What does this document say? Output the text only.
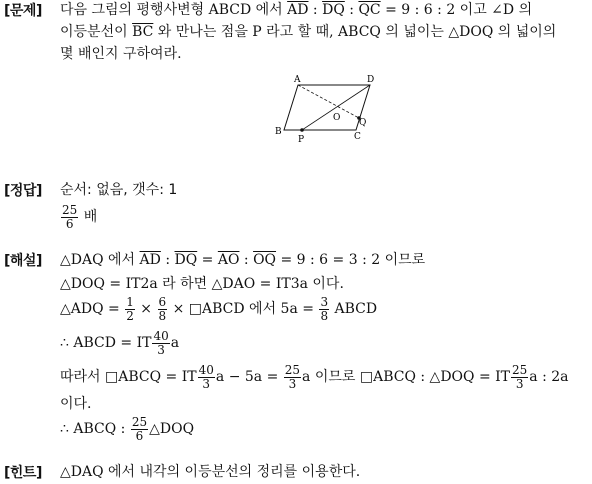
[문제] 다음 그림의 평행사변형 ABCD 에서 $\overline{AD}$ : $\overline{DQ}$ : $\overline{QC} = 9$ : 6 : 2 이고 ∠D 의
이등분선이 $\overline{BC}$ 와 만나는 점을 P 라고 할 때, ABCQ 의 넓이는 △DOQ 의 넓이의
몇 배인지 구하여라.
A	D
B	C
O
P
Q
[정답] 순서: 없음, 갯수: 1
$\frac{25}{6}$ 배
[해설] △DAQ 에서 $\overline{AD}$ : $\overline{DQ} = \overline{AO}$ : $\overline{OQ} = 9$ : 6 = 3 : 2 이므로
△DOQ = IT2a 라 하면 △DAO = IT3a 이다.
△ADQ = $\frac{1}{2} \times \frac{6}{8}$ × □ABCD 에서 $5a = \frac{3}{8}$ ABCD
∴ ABCD = IT $\frac{40}{3}$ a
따라서 □ABCQ = IT $\frac{40}{3}$ $a - 5a = \frac{25}{3}$ a 이므로 □ABCQ : △DOQ = IT $\frac{25}{3}$ a : 2a
이다.
∴ ABCQ : $\frac{25}{6}$ △DOQ
[힌트] △DAQ 에서 내각의 이등분선의 정리를 이용한다.
